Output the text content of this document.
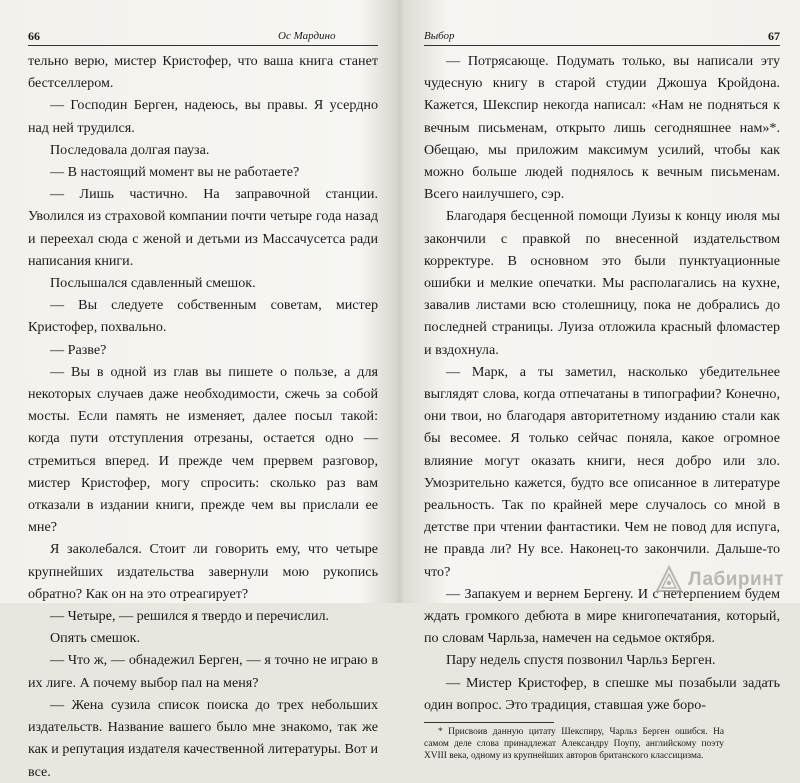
66	Ос Мардино

тельно верю, мистер Кристофер, что ваша книга станет бестселлером.

— Господин Берген, надеюсь, вы правы. Я усердно над ней трудился.

Последовала долгая пауза.

— В настоящий момент вы не работаете?

— Лишь частично. На заправочной станции. Уволился из страховой компании почти четыре года назад и переехал сюда с женой и детьми из Массачусетса ради написания книги.

Послышался сдавленный смешок.

— Вы следуете собственным советам, мистер Кристофер, похвально.

— Разве?

— Вы в одной из глав вы пишете о пользе, а для некоторых случаев даже необходимости, сжечь за собой мосты. Если память не изменяет, далее посыл такой: когда пути отступления отрезаны, остается одно — стремиться вперед. И прежде чем прервем разговор, мистер Кристофер, могу спросить: сколько раз вам отказали в издании книги, прежде чем вы прислали ее мне?

Я заколебался. Стоит ли говорить ему, что четыре крупнейших издательства завернули мою рукопись обратно? Как он на это отреагирует?

— Четыре, — решился я твердо и перечислил.

Опять смешок.

— Что ж, — обнадежил Берген, — я точно не играю в их лиге. А почему выбор пал на меня?

— Жена сузила список поиска до трех небольших издательств. Название вашего было мне знакомо, так же как и репутация издателя качественной литературы. Вот и все.

Выбор	67

— Потрясающе. Подумать только, вы написали эту чудесную книгу в старой студии Джошуа Кройдона. Кажется, Шекспир некогда написал: «Нам не подняться к вечным письменам, открыто лишь сегодняшнее нам»*. Обещаю, мы приложим максимум усилий, чтобы как можно больше людей поднялось к вечным письменам. Всего наилучшего, сэр.

Благодаря бесценной помощи Луизы к концу июля мы закончили с правкой по внесенной издательством корректуре. В основном это были пунктуационные ошибки и мелкие опечатки. Мы располагались на кухне, завалив листами всю столешницу, пока не добрались до последней страницы. Луиза отложила красный фломастер и вздохнула.

— Марк, а ты заметил, насколько убедительнее выглядят слова, когда отпечатаны в типографии? Конечно, они твои, но благодаря авторитетному изданию стали как бы весомее. Я только сейчас поняла, какое огромное влияние могут оказать книги, неся добро или зло. Умозрительно кажется, будто все описанное в литературе реальность. Так по крайней мере случалось со мной в детстве при чтении фантастики. Чем не повод для испуга, не правда ли? Ну все. Наконец-то закончили. Дальше-то что?

— Запакуем и вернем Бергену. И с нетерпением будем ждать громкого дебюта в мире книгопечатания, который, по словам Чарльза, намечен на седьмое октября.

Пару недель спустя позвонил Чарльз Берген.

— Мистер Кристофер, в спешке мы позабыли задать один вопрос. Это традиция, ставшая уже боро-

* Присвоив данную цитату Шекспиру, Чарльз Берген ошибся. На самом деле слова принадлежат Александру Поупу, английскому поэту XVIII века, одному из крупнейших авторов британского классицизма.

Лабиринт
